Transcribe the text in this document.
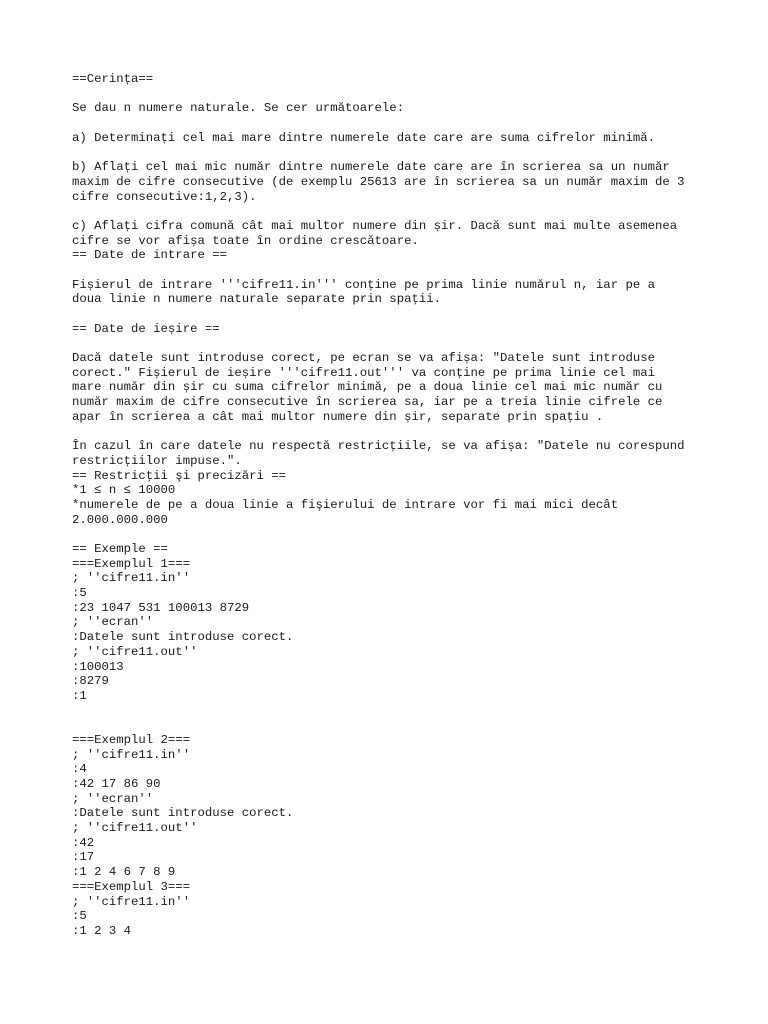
==Cerința==
Se dau n numere naturale. Se cer următoarele:
a) Determinați cel mai mare dintre numerele date care are suma cifrelor minimă.
b) Aflați cel mai mic număr dintre numerele date care are în scrierea sa un număr
maxim de cifre consecutive (de exemplu 25613 are în scrierea sa un număr maxim de 3
cifre consecutive:1,2,3).
c) Aflați cifra comună cât mai multor numere din șir. Dacă sunt mai multe asemenea
cifre se vor afișa toate în ordine crescătoare.
== Date de intrare ==
Fișierul de intrare '''cifre11.in''' conține pe prima linie numărul n, iar pe a
doua linie n numere naturale separate prin spații.
== Date de ieșire ==
Dacă datele sunt introduse corect, pe ecran se va afișa: "Datele sunt introduse
corect." Fișierul de ieșire '''cifre11.out''' va conține pe prima linie cel mai
mare număr din șir cu suma cifrelor minimă, pe a doua linie cel mai mic număr cu
număr maxim de cifre consecutive în scrierea sa, iar pe a treia linie cifrele ce
apar în scrierea a cât mai multor numere din șir, separate prin spațiu .
În cazul în care datele nu respectă restricțiile, se va afișa: "Datele nu corespund
restricțiilor impuse.".
== Restricţii şi precizări ==
*1 ≤ n ≤ 10000
*numerele de pe a doua linie a fişierului de intrare vor fi mai mici decât
2.000.000.000
== Exemple ==
===Exemplul 1===
; ''cifre11.in''
:5
:23 1047 531 100013 8729
; ''ecran''
:Datele sunt introduse corect.
; ''cifre11.out''
:100013
:8279
:1
===Exemplul 2===
; ''cifre11.in''
:4
:42 17 86 90
; ''ecran''
:Datele sunt introduse corect.
; ''cifre11.out''
:42
:17
:1 2 4 6 7 8 9
===Exemplul 3===
; ''cifre11.in''
:5
:1 2 3 4
